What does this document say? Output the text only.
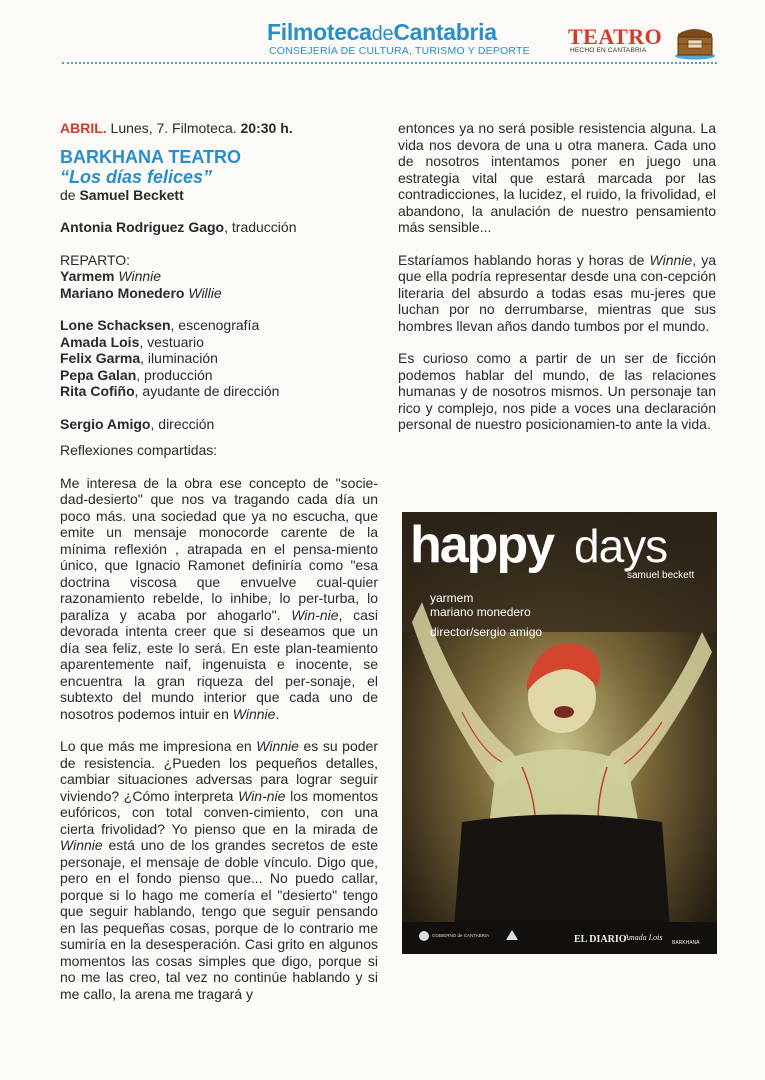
FilmotecadeCantabria
CONSEJERÍA DE CULTURA, TURISMO Y DEPORTE
TEATRO
HECHO EN CANTABRIA

ABRIL. Lunes, 7. Filmoteca. 20:30 h.

BARKHANA TEATRO

“Los días felices”

de Samuel Beckett

Antonia Rodriguez Gago, traducción

REPARTO:

Yarmem Winnie

Mariano Monedero Willie

Lone Schacksen, escenografía

Amada Lois, vestuario

Felix Garma, iluminación

Pepa Galan, producción

Rita Cofiño, ayudante de dirección

Sergio Amigo, dirección

Reflexiones compartidas:

Me interesa de la obra ese concepto de "socie-dad-desierto" que nos va tragando cada día un poco más. una sociedad que ya no escucha, que emite un mensaje monocorde carente de la mínima reflexión , atrapada en el pensa-miento único, que Ignacio Ramonet definiría como "esa doctrina viscosa que envuelve cual-quier razonamiento rebelde, lo inhibe, lo per-turba, lo paraliza y acaba por ahogarlo". Win-nie, casi devorada intenta creer que si deseamos que un día sea feliz, este lo será. En este plan-teamiento aparentemente naif, ingenuista e inocente, se encuentra la gran riqueza del per-sonaje, el subtexto del mundo interior que cada uno de nosotros podemos intuir en Winnie.

Lo que más me impresiona en Winnie es su poder de resistencia. ¿Pueden los pequeños detalles, cambiar situaciones adversas para lograr seguir viviendo? ¿Cómo interpreta Win-nie los momentos eufóricos, con total conven-cimiento, con una cierta frivolidad? Yo pienso que en la mirada de Winnie está uno de los grandes secretos de este personaje, el mensaje de doble vínculo. Digo que, pero en el fondo pienso que... No puedo callar, porque si lo hago me comería el "desierto" tengo que seguir hablando, tengo que seguir pensando en las pequeñas cosas, porque de lo contrario me sumiría en la desesperación. Casi grito en algunos momentos las cosas simples que digo, porque si no me las creo, tal vez no continúe hablando y si me callo, la arena me tragará y

entonces ya no será posible resistencia alguna. La vida nos devora de una u otra manera. Cada uno de nosotros intentamos poner en juego una estrategia vital que estará marcada por las contradicciones, la lucidez, el ruido, la frivolidad, el abandono, la anulación de nuestro pensamiento más sensible...

Estaríamos hablando horas y horas de Winnie, ya que ella podría representar desde una con-cepción literaria del absurdo a todas esas mu-jeres que luchan por no derrumbarse, mientras que sus hombres llevan años dando tumbos por el mundo.

Es curioso como a partir de un ser de ficción podemos hablar del mundo, de las relaciones humanas y de nosotros mismos. Un personaje tan rico y complejo, nos pide a voces una declaración personal de nuestro posicionamien-to ante la vida.

happy days
samuel beckett
yarmem
mariano monedero
director/sergio amigo
GOBIERNO de CANTABRIA	EL DIARIO
Amada Lois
BARKHANA
